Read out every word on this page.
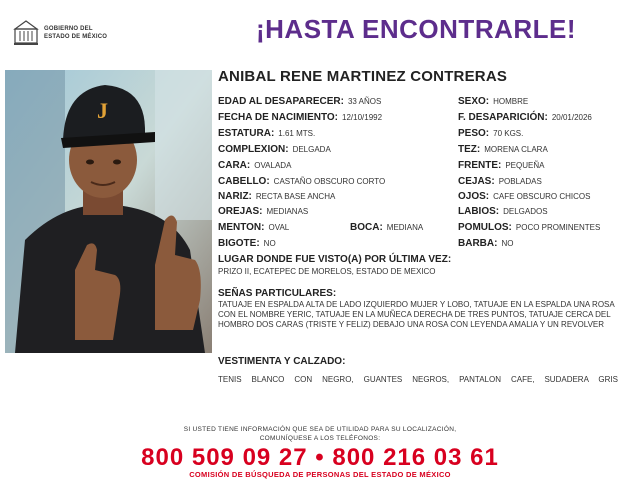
GOBIERNO DEL
ESTADO DE MÉXICO	¡HASTA ENCONTRARLE!
J
ANIBAL RENE MARTINEZ CONTRERAS
EDAD AL DESAPARECER: 33 AÑOS
FECHA DE NACIMIENTO: 12/10/1992
ESTATURA: 1.61 MTS.
COMPLEXION: DELGADA
CARA: OVALADA
CABELLO: CASTAÑO OBSCURO CORTO
NARIZ: RECTA BASE ANCHA
OREJAS: MEDIANAS
MENTON: OVAL
BIGOTE: NO
BOCA: MEDIANA
SEXO: HOMBRE
F. DESAPARICIÓN: 20/01/2026
PESO: 70 KGS.
TEZ: MORENA CLARA
FRENTE: PEQUEÑA
CEJAS: POBLADAS
OJOS: CAFE OBSCURO CHICOS
LABIOS: DELGADOS
POMULOS: POCO PROMINENTES
BARBA: NO
LUGAR DONDE FUE VISTO(A) POR ÚLTIMA VEZ:
PRIZO II, ECATEPEC DE MORELOS, ESTADO DE MEXICO
SEÑAS PARTICULARES:
TATUAJE EN ESPALDA ALTA DE LADO IZQUIERDO MUJER Y LOBO, TATUAJE EN LA ESPALDA UNA ROSA CON EL NOMBRE YERIC, TATUAJE EN LA MUÑECA DERECHA DE TRES PUNTOS, TATUAJE CERCA DEL HOMBRO DOS CARAS (TRISTE Y FELIZ) DEBAJO UNA ROSA CON LEYENDA AMALIA Y UN REVOLVER
VESTIMENTA Y CALZADO:
TENIS BLANCO CON NEGRO, GUANTES NEGROS, PANTALON CAFE, SUDADERA GRIS
SI USTED TIENE INFORMACIÓN QUE SEA DE UTILIDAD PARA SU LOCALIZACIÓN,
COMUNÍQUESE A LOS TELÉFONOS:
800 509 09 27 • 800 216 03 61
COMISIÓN DE BÚSQUEDA DE PERSONAS DEL ESTADO DE MÉXICO
